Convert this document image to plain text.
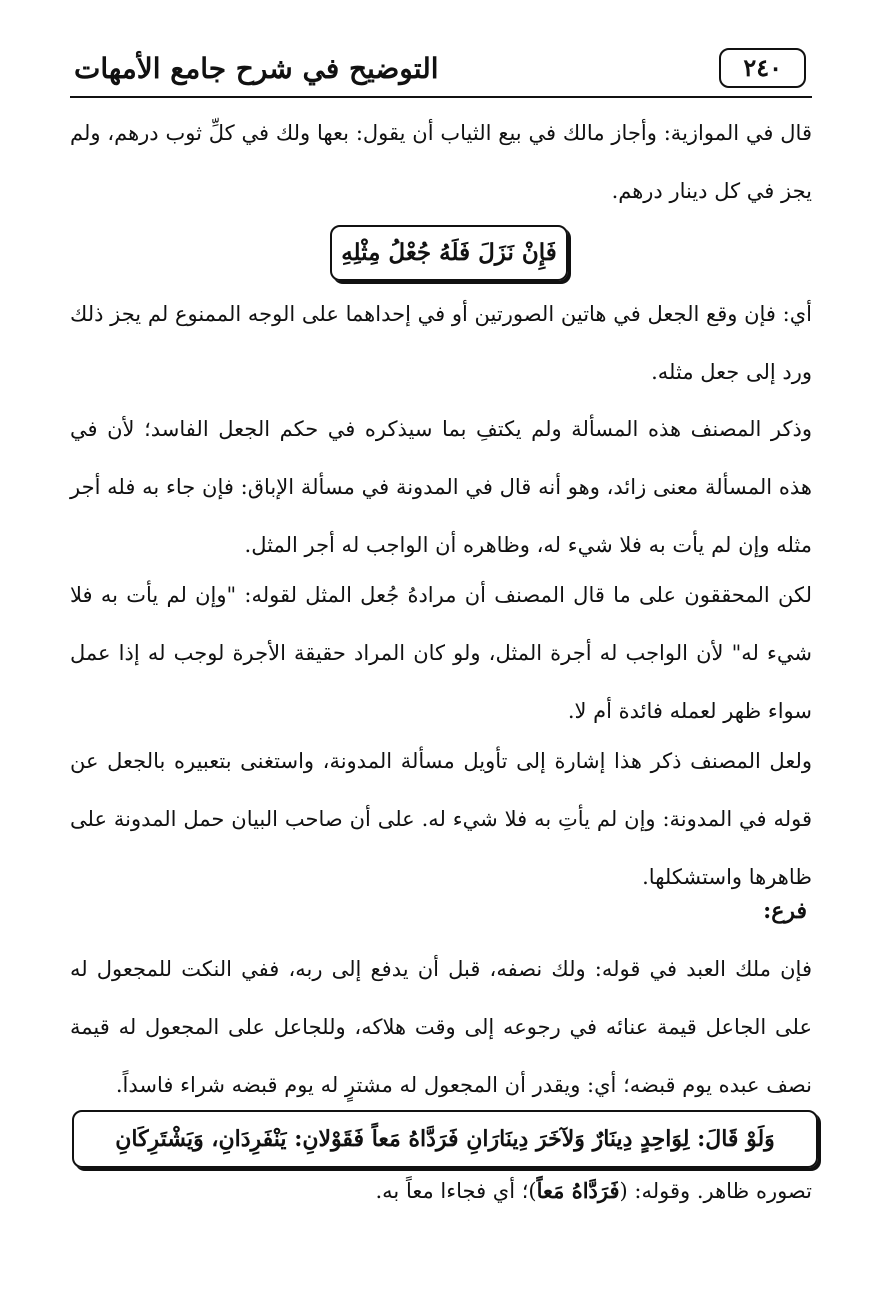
٢٤٠
التوضيح في شرح جامع الأمهات

قال في الموازية: وأجاز مالك في بيع الثياب أن يقول: بعها ولك في كلِّ ثوب درهم، ولم يجز في كل دينار درهم.

فَإِنْ نَزَلَ فَلَهُ جُعْلُ مِثْلِهِ

أي: فإن وقع الجعل في هاتين الصورتين أو في إحداهما على الوجه الممنوع لم يجز ذلك ورد إلى جعل مثله.

وذكر المصنف هذه المسألة ولم يكتفِ بما سيذكره في حكم الجعل الفاسد؛ لأن في هذه المسألة معنى زائد، وهو أنه قال في المدونة في مسألة الإباق: فإن جاء به فله أجر مثله وإن لم يأت به فلا شيء له، وظاهره أن الواجب له أجر المثل.

لكن المحققون على ما قال المصنف أن مرادهُ جُعل المثل لقوله: "وإن لم يأت به فلا شيء له" لأن الواجب له أجرة المثل، ولو كان المراد حقيقة الأجرة لوجب له إذا عمل سواء ظهر لعمله فائدة أم لا.

ولعل المصنف ذكر هذا إشارة إلى تأويل مسألة المدونة، واستغنى بتعبيره بالجعل عن قوله في المدونة: وإن لم يأتِ به فلا شيء له. على أن صاحب البيان حمل المدونة على ظاهرها واستشكلها.

فرع:

فإن ملك العبد في قوله: ولك نصفه، قبل أن يدفع إلى ربه، ففي النكت للمجعول له على الجاعل قيمة عنائه في رجوعه إلى وقت هلاكه، وللجاعل على المجعول له قيمة نصف عبده يوم قبضه؛ أي: ويقدر أن المجعول له مشترٍ له يوم قبضه شراء فاسداً.

وَلَوْ قَالَ: لِوَاحِدٍ دِينَارٌ وَلآخَرَ دِينَارَانِ فَرَدَّاهُ مَعاً فَقَوْلانِ: يَنْفَرِدَانِ، وَيَشْتَرِكَانِ
تصوره ظاهر. وقوله: (فَرَدَّاهُ مَعاً)؛ أي فجاءا معاً به.
